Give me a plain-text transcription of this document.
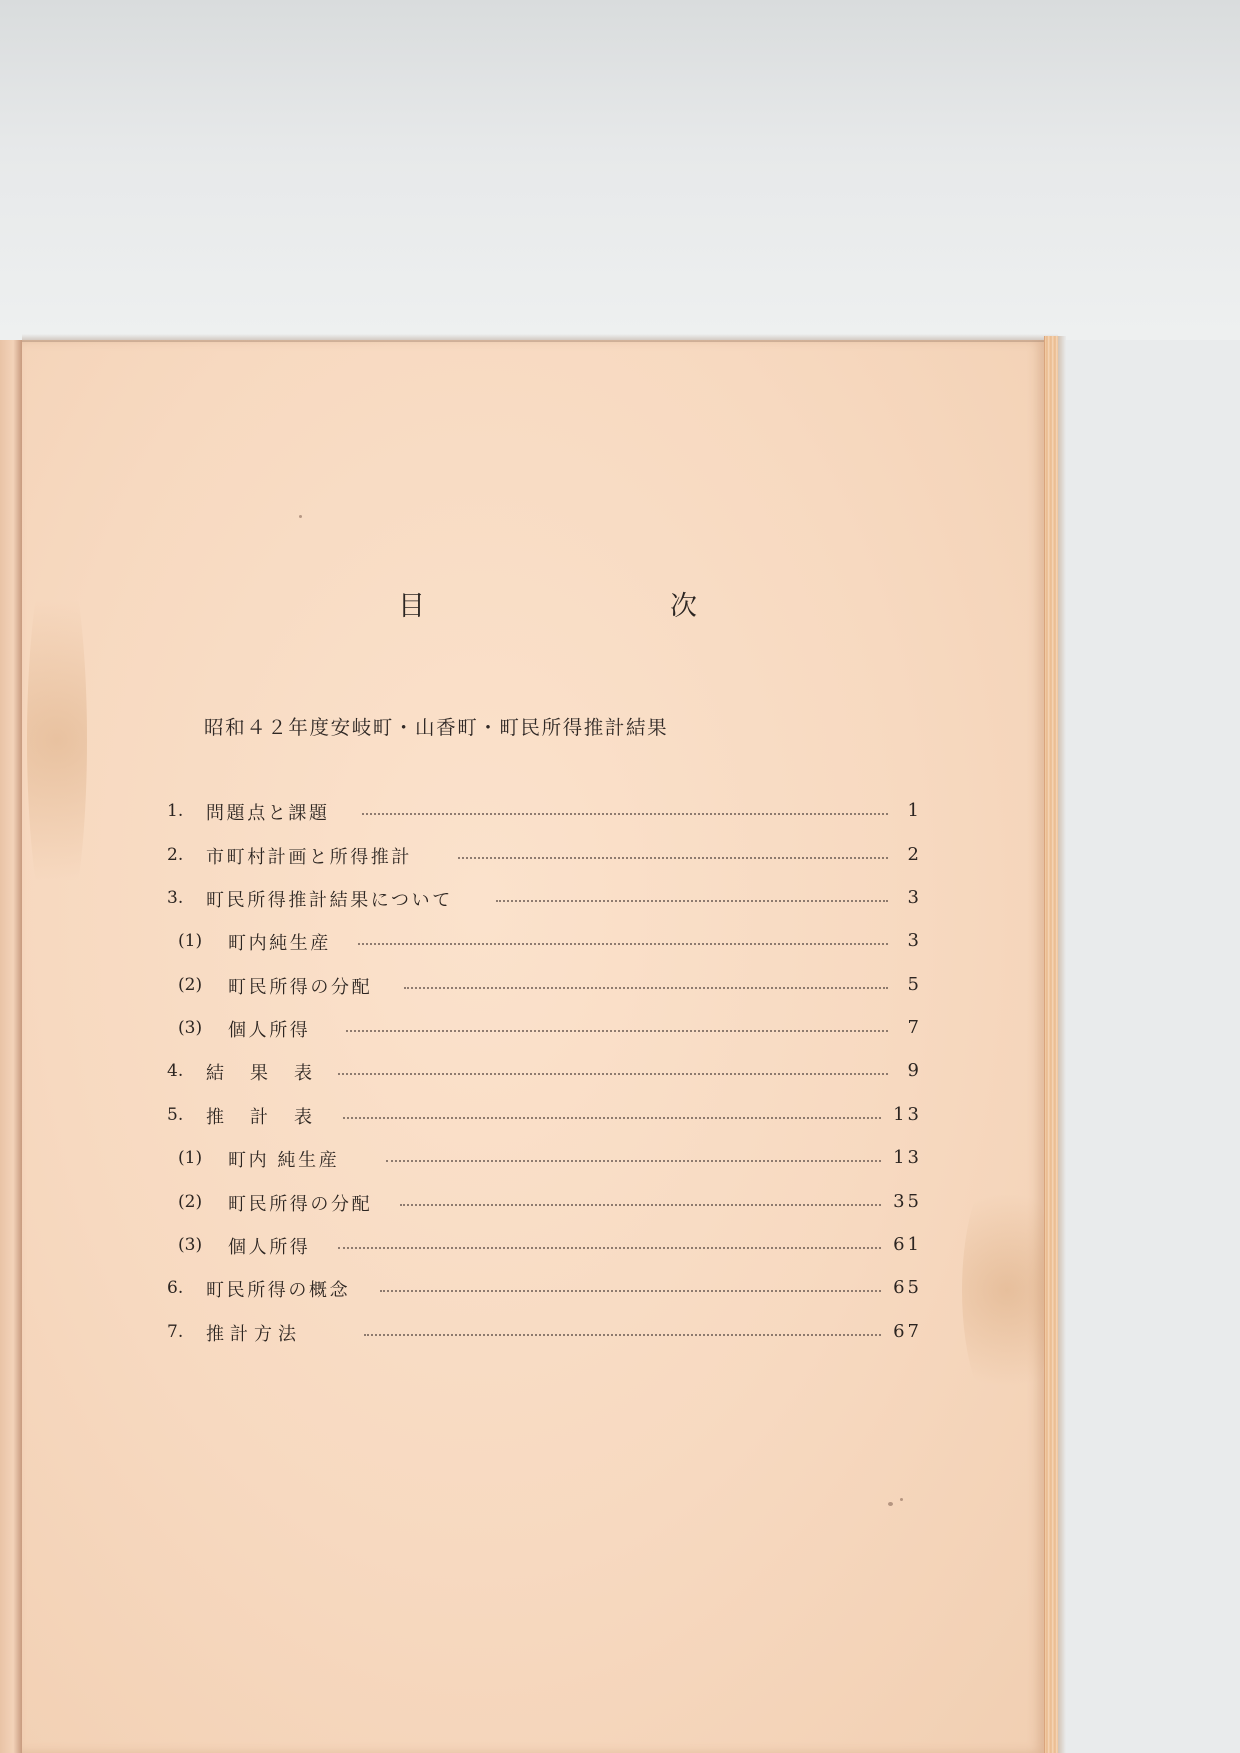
目	次
昭和４２年度安岐町・山香町・町民所得推計結果
1. 問題点と課題	1
2. 市町村計画と所得推計	2
3. 町民所得推計結果について	3
(1) 町内純生産	3
(2) 町民所得の分配	5
(3) 個人所得	7
4. 結　果　表	9
5. 推　計　表	13
(1) 町内 純生産	13
(2) 町民所得の分配	35
(3) 個人所得	61
6. 町民所得の概念	65
7. 推計方法	67
